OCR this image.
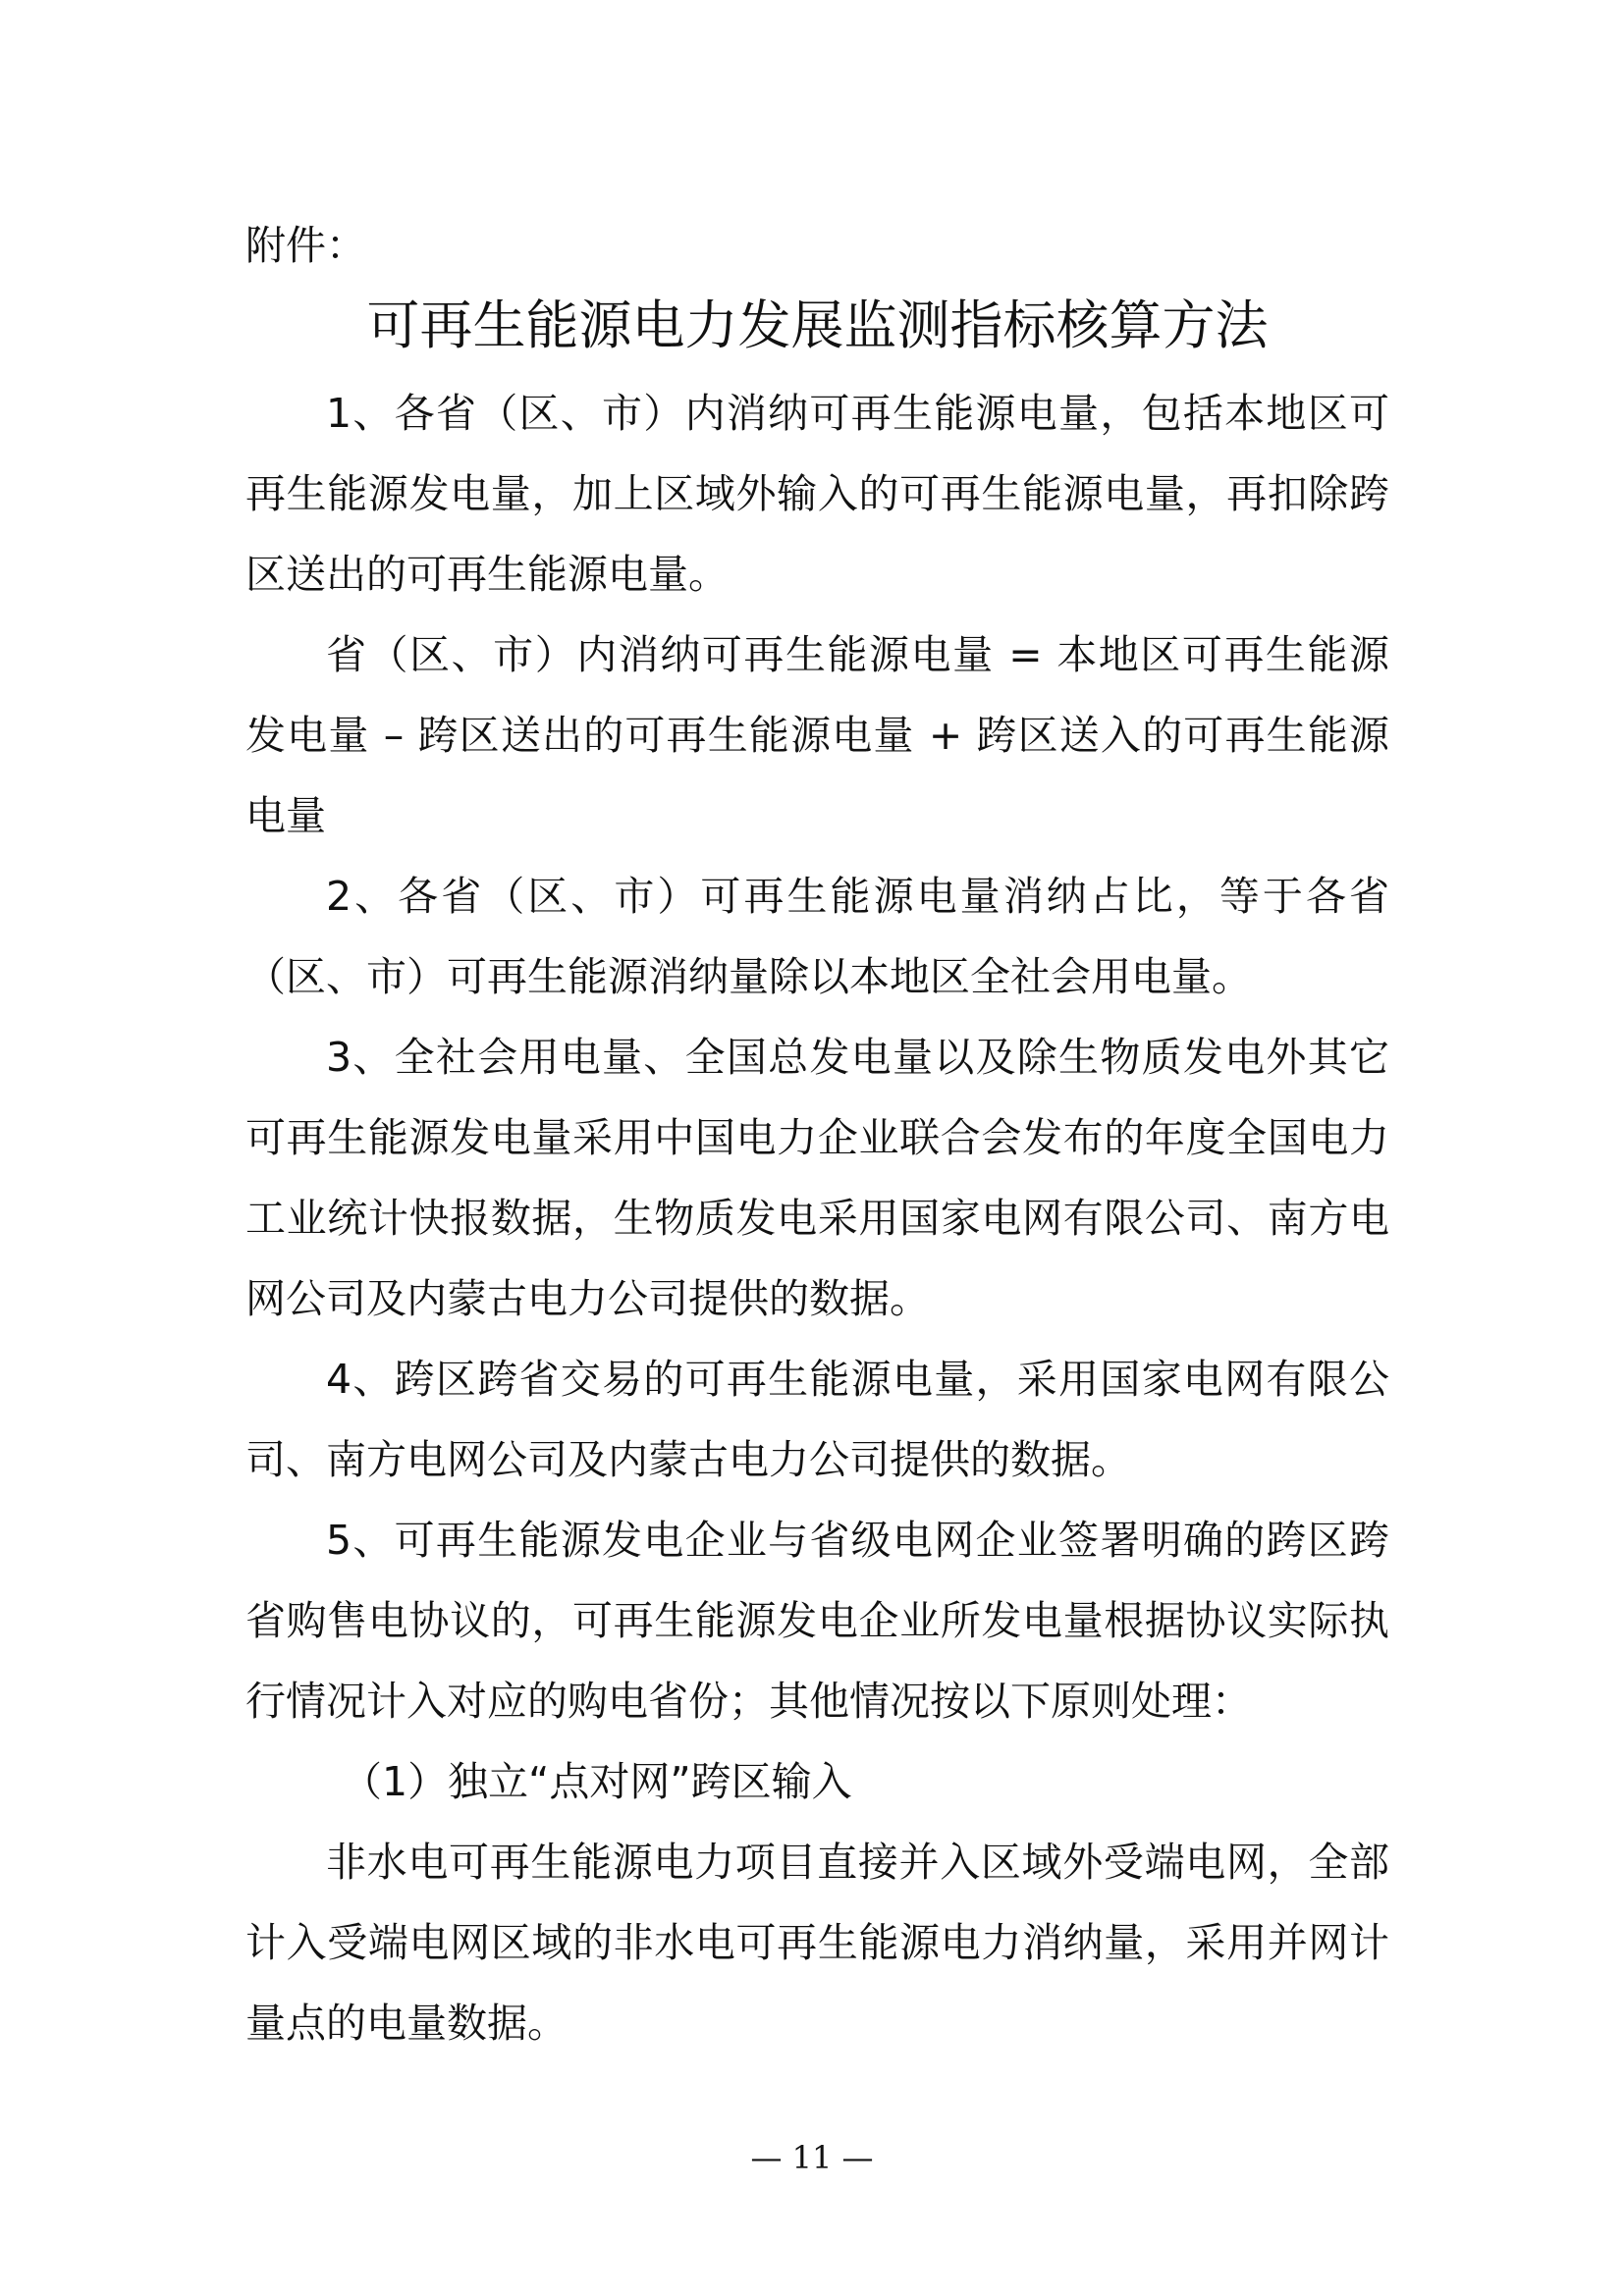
附件：
可再生能源电力发展监测指标核算方法

1、各省（区、市）内消纳可再生能源电量，包括本地区可再生能源发电量，加上区域外输入的可再生能源电量，再扣除跨区送出的可再生能源电量。

省（区、市）内消纳可再生能源电量 = 本地区可再生能源发电量 – 跨区送出的可再生能源电量 + 跨区送入的可再生能源电量

2、各省（区、市）可再生能源电量消纳占比，等于各省（区、市）可再生能源消纳量除以本地区全社会用电量。

3、全社会用电量、全国总发电量以及除生物质发电外其它可再生能源发电量采用中国电力企业联合会发布的年度全国电力工业统计快报数据，生物质发电采用国家电网有限公司、南方电网公司及内蒙古电力公司提供的数据。

4、跨区跨省交易的可再生能源电量，采用国家电网有限公司、南方电网公司及内蒙古电力公司提供的数据。

5、可再生能源发电企业与省级电网企业签署明确的跨区跨省购售电协议的，可再生能源发电企业所发电量根据协议实际执行情况计入对应的购电省份；其他情况按以下原则处理：

（1）独立“点对网”跨区输入

非水电可再生能源电力项目直接并入区域外受端电网，全部计入受端电网区域的非水电可再生能源电力消纳量，采用并网计量点的电量数据。

— 11 —
